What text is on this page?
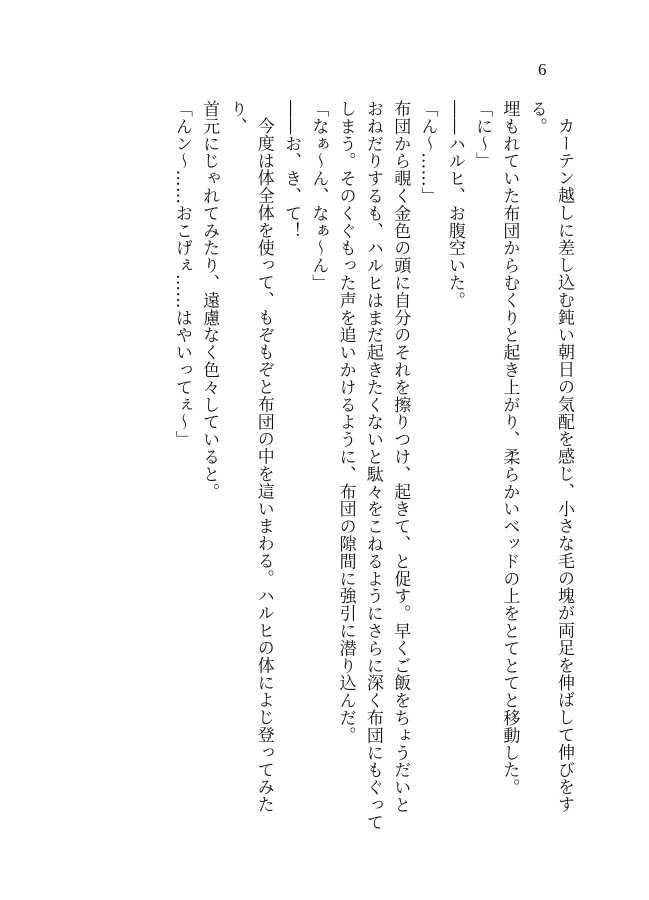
6

カーテン越しに差し込む鈍い朝日の気配を感じ、小さな毛の塊が両足を伸ばして伸びをする。

埋もれていた布団からむくりと起き上がり、柔らかいベッドの上をとてとてと移動した。

「に～」

――ハルヒ、お腹空いた。

「ん～……」

布団から覗く金色の頭に自分のそれを擦りつけ、起きて、と促す。早くご飯をちょうだいと

おねだりするも、ハルヒはまだ起きたくないと駄々をこねるようにさらに深く布団にもぐって

しまう。そのくぐもった声を追いかけるように、布団の隙間に強引に潜り込んだ。

「なぁ～ん、なぁ～ん」

――お、き、て！

今度は体全体を使って、もぞもぞと布団の中を這いまわる。ハルヒの体によじ登ってみたり、

首元にじゃれてみたり、遠慮なく色々していると。

「んン～……おこげぇ……はやいってぇ～」
